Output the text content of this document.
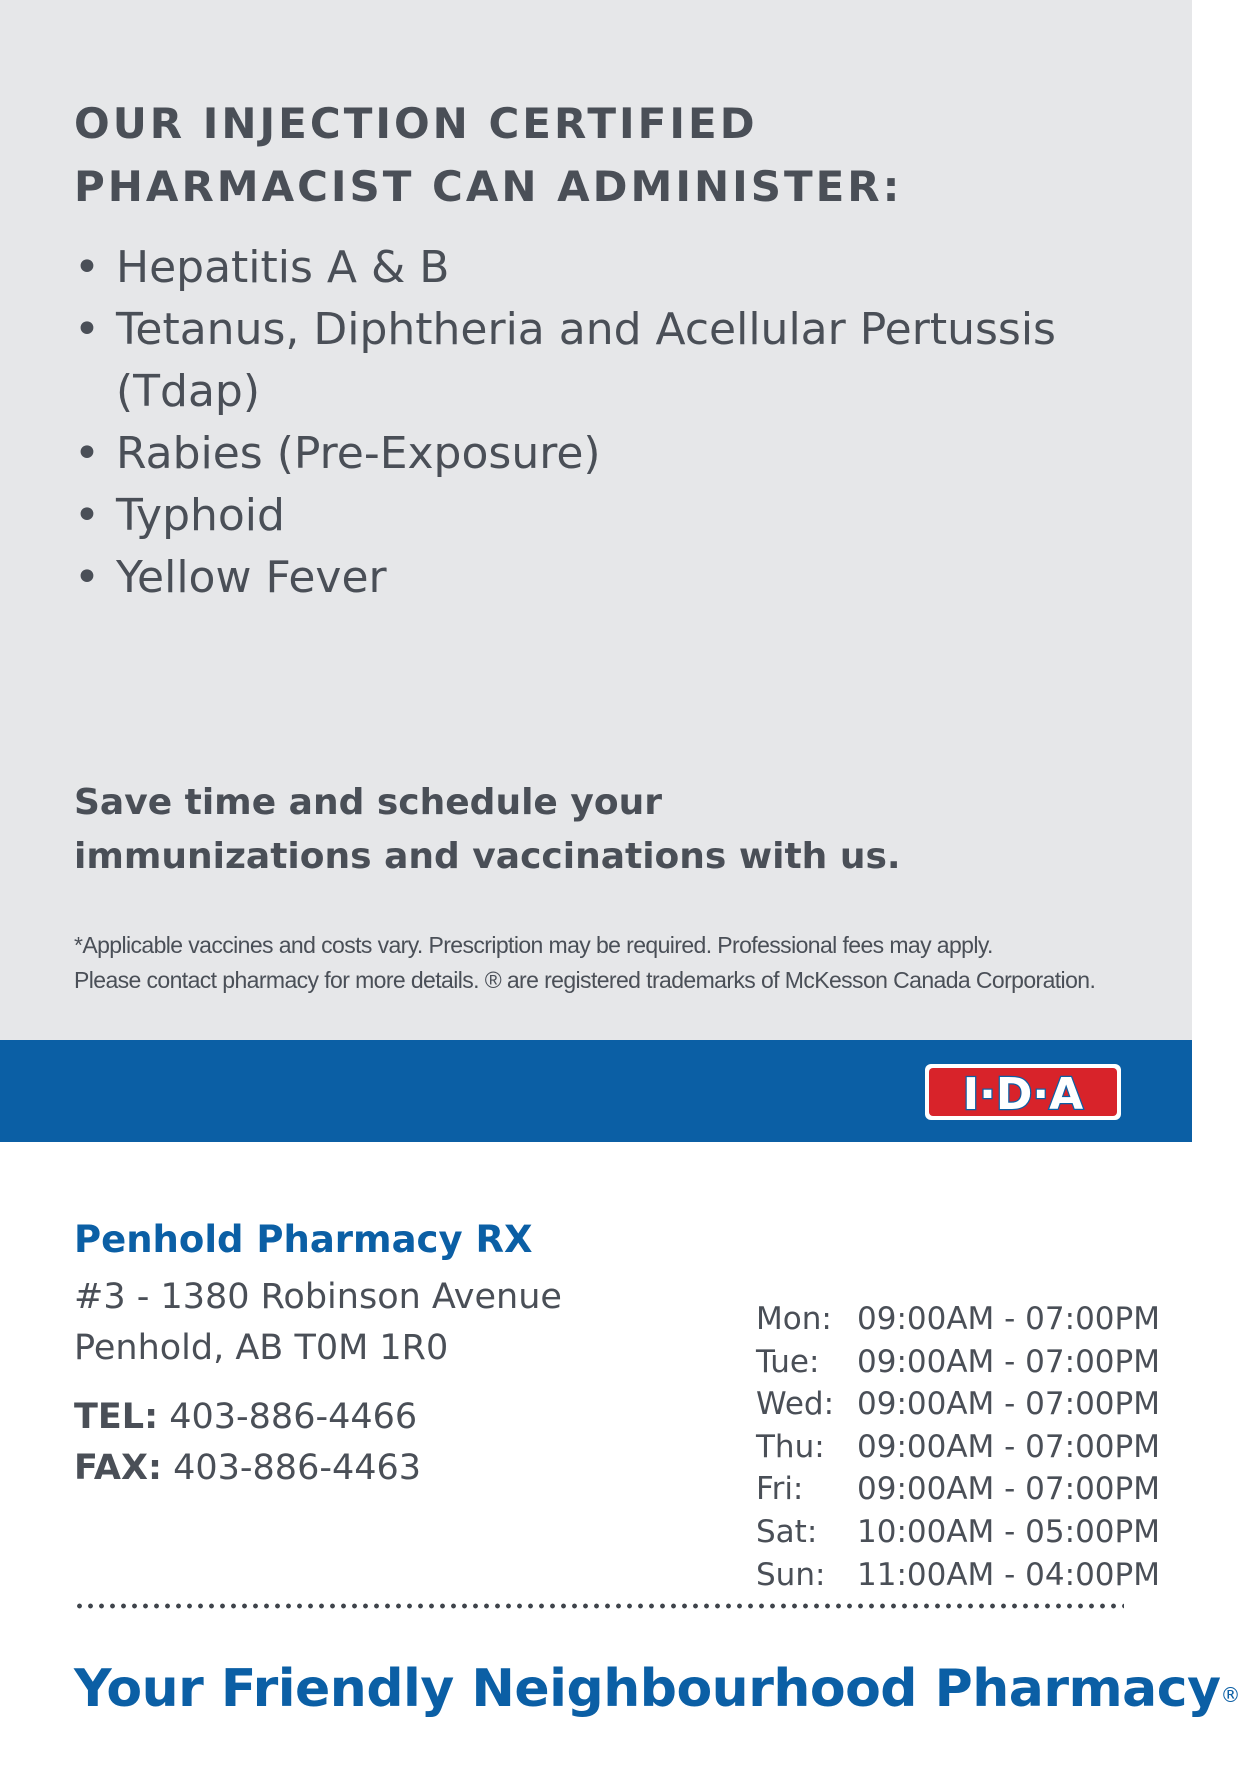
OUR INJECTION CERTIFIED
PHARMACIST CAN ADMINISTER:
• Hepatitis A & B
• Tetanus, Diphtheria and Acellular Pertussis (Tdap)
• Rabies (Pre-Exposure)
• Typhoid
• Yellow Fever
Save time and schedule your
immunizations and vaccinations with us.
*Applicable vaccines and costs vary. Prescription may be required. Professional fees may apply.
Please contact pharmacy for more details. ® are registered trademarks of McKesson Canada Corporation.
I·D·A
Penhold Pharmacy RX
#3 - 1380 Robinson Avenue
Penhold, AB T0M 1R0
TEL: 403-886-4466
FAX: 403-886-4463
Mon:	09:00AM - 07:00PM
Tue:	09:00AM - 07:00PM
Wed:	09:00AM - 07:00PM
Thu:	09:00AM - 07:00PM
Fri:	09:00AM - 07:00PM
Sat:	10:00AM - 05:00PM
Sun:	11:00AM - 04:00PM
Your Friendly Neighbourhood Pharmacy®
